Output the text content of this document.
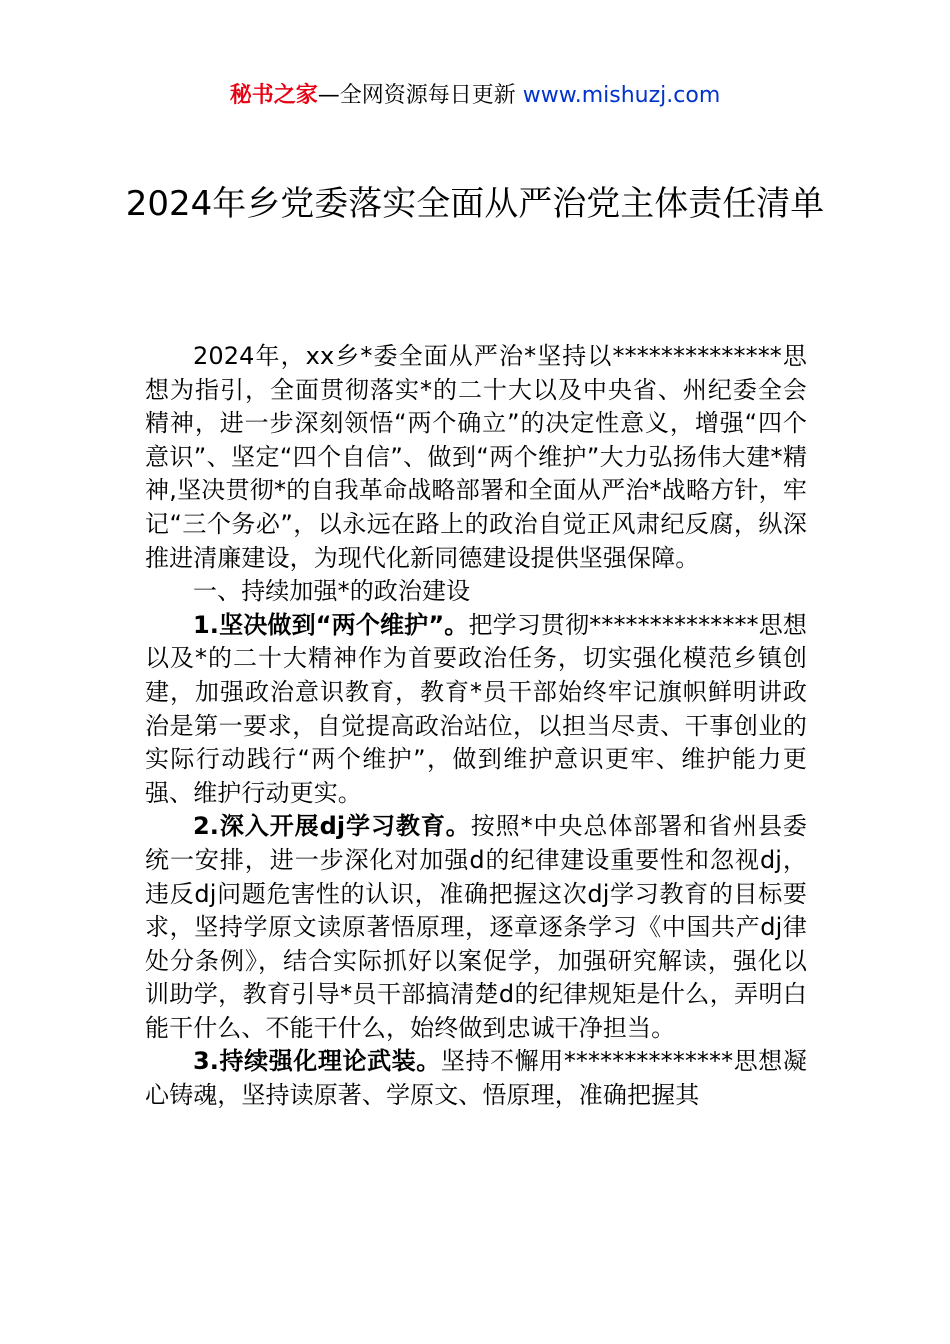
秘书之家—全网资源每日更新 www.mishuzj.com
2024年乡党委落实全面从严治党主体责任清单

2024年，xx乡*委全面从严治*坚持以**************思想为指引，全面贯彻落实*的二十大以及中央省、州纪委全会精神，进一步深刻领悟“两个确立”的决定性意义，增强“四个意识”、坚定“四个自信”、做到“两个维护”大力弘扬伟大建*精神,坚决贯彻*的自我革命战略部署和全面从严治*战略方针，牢记“三个务必”，以永远在路上的政治自觉正风肃纪反腐，纵深推进清廉建设，为现代化新同德建设提供坚强保障。

一、持续加强*的政治建设

1.坚决做到“两个维护”。把学习贯彻**************思想以及*的二十大精神作为首要政治任务，切实强化模范乡镇创建，加强政治意识教育，教育*员干部始终牢记旗帜鲜明讲政治是第一要求，自觉提高政治站位，以担当尽责、干事创业的实际行动践行“两个维护”，做到维护意识更牢、维护能力更强、维护行动更实。

2.深入开展dj学习教育。按照*中央总体部署和省州县委统一安排，进一步深化对加强d的纪律建设重要性和忽视dj，违反dj问题危害性的认识，准确把握这次dj学习教育的目标要求，坚持学原文读原著悟原理，逐章逐条学习《中国共产dj律处分条例》，结合实际抓好以案促学，加强研究解读，强化以训助学，教育引导*员干部搞清楚d的纪律规矩是什么，弄明白能干什么、不能干什么，始终做到忠诚干净担当。

3.持续强化理论武装。坚持不懈用**************思想凝心铸魂，坚持读原著、学原文、悟原理，准确把握其
